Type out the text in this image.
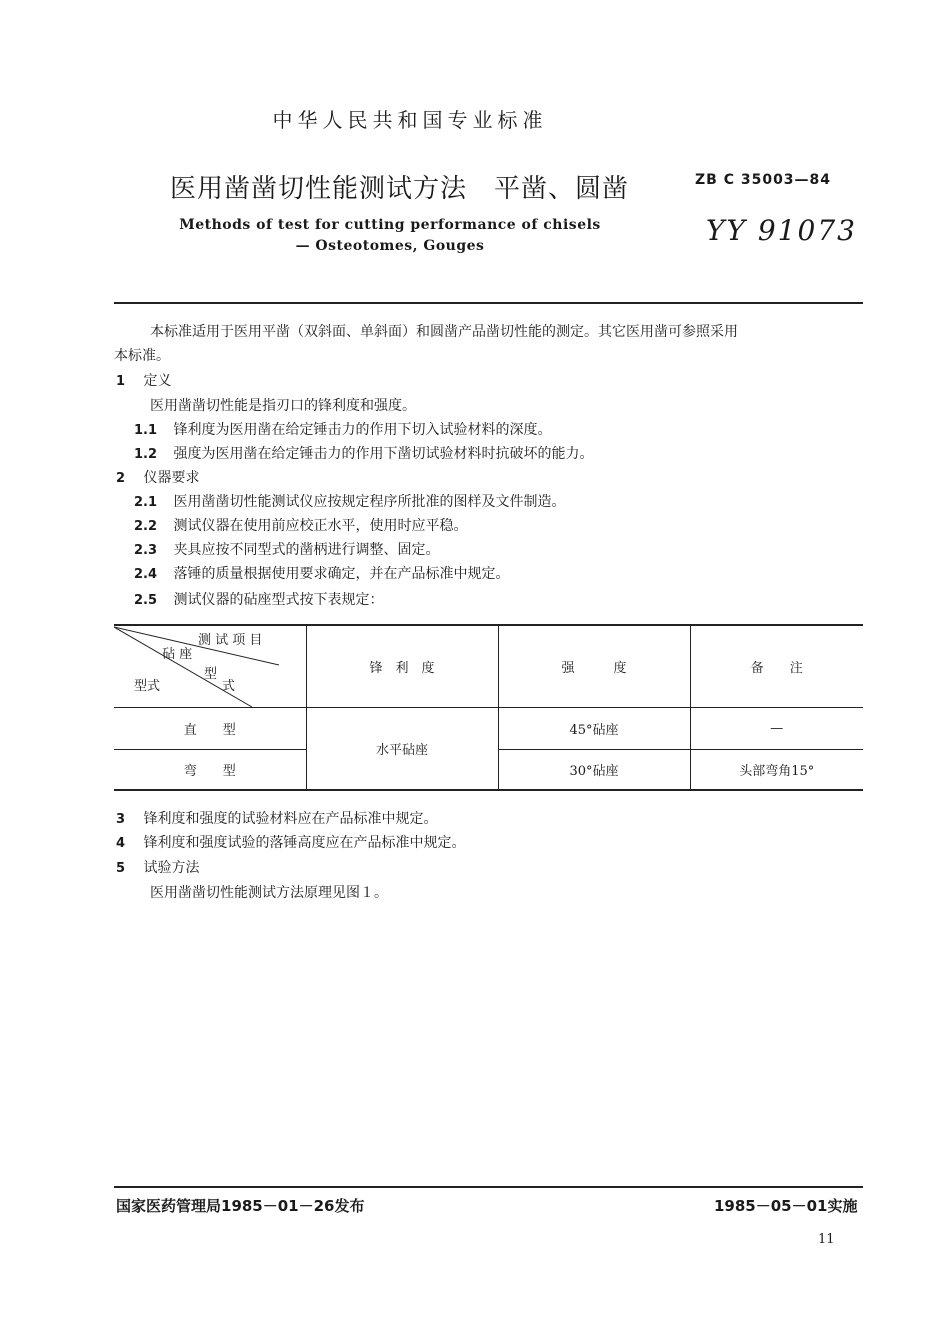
中华人民共和国专业标准
医用凿凿切性能测试方法　平凿、圆凿	ZB C 35003—84
Methods of test for cutting performance of chisels
— Osteotomes, Gouges	YY 91073
本标准适用于医用平凿（双斜面、单斜面）和圆凿产品凿切性能的测定。其它医用凿可参照采用
本标准。
1 定义
医用凿凿切性能是指刃口的锋利度和强度。
1.1 锋利度为医用凿在给定锤击力的作用下切入试验材料的深度。
1.2 强度为医用凿在给定锤击力的作用下凿切试验材料时抗破坏的能力。
2 仪器要求
2.1 医用凿凿切性能测试仪应按规定程序所批准的图样及文件制造。
2.2 测试仪器在使用前应校正水平，使用时应平稳。
2.3 夹具应按不同型式的凿柄进行调整、固定。
2.4 落锤的质量根据使用要求确定，并在产品标准中规定。
2.5 测试仪器的砧座型式按下表规定：
测 试 项 目
砧 座
型
式
型式	锋　利　度	强　　　度	备　　注
直　　型	水平砧座	45°砧座	—
弯　　型		30°砧座	头部弯角15°
3 锋利度和强度的试验材料应在产品标准中规定。
4 锋利度和强度试验的落锤高度应在产品标准中规定。
5 试验方法
医用凿凿切性能测试方法原理见图１。
国家医药管理局1985－01－26发布	1985－05－01实施
11
